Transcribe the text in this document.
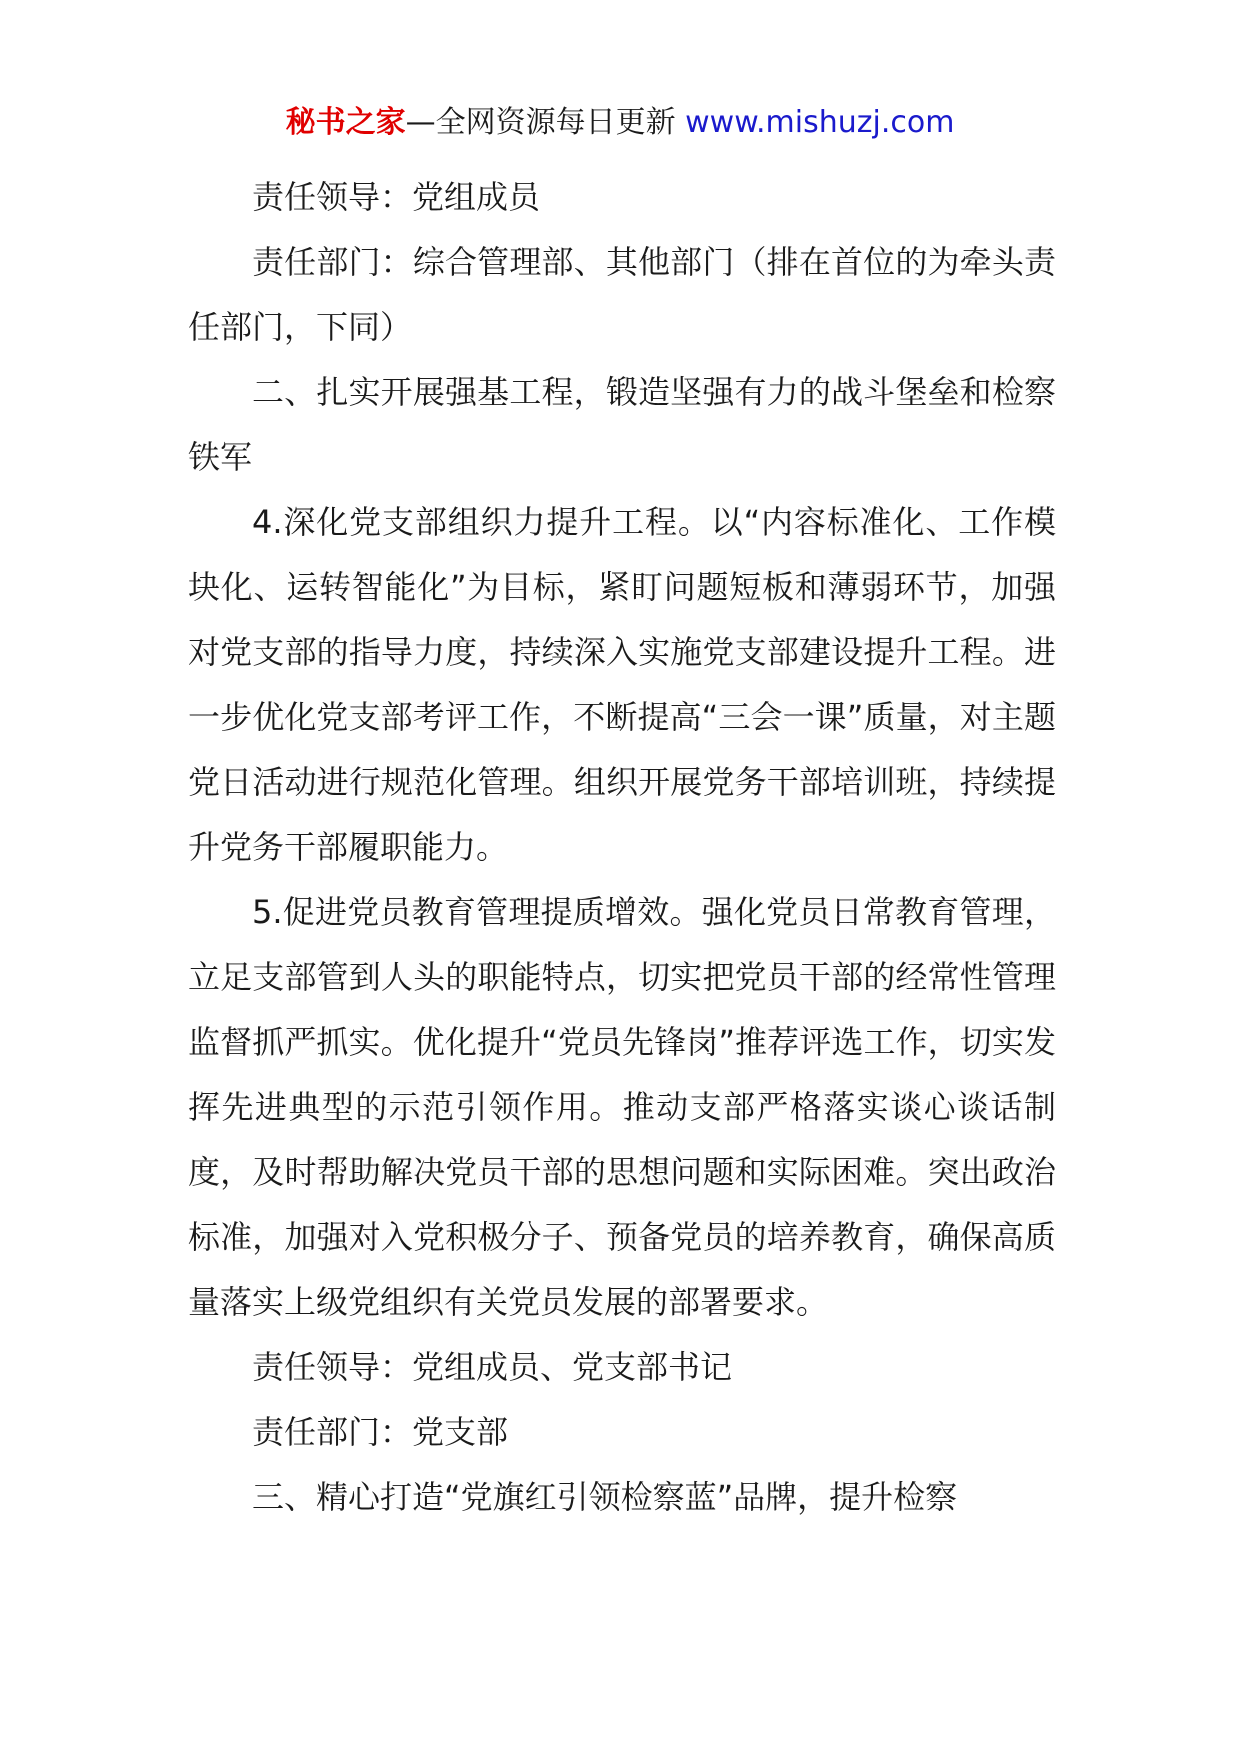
秘书之家—全网资源每日更新 www.mishuzj.com

责任领导：党组成员

责任部门：综合管理部、其他部门（排在首位的为牵头责任部门，下同）

二、扎实开展强基工程，锻造坚强有力的战斗堡垒和检察铁军

4.深化党支部组织力提升工程。以“内容标准化、工作模块化、运转智能化”为目标，紧盯问题短板和薄弱环节，加强对党支部的指导力度，持续深入实施党支部建设提升工程。进一步优化党支部考评工作，不断提高“三会一课”质量，对主题党日活动进行规范化管理。组织开展党务干部培训班，持续提升党务干部履职能力。

5.促进党员教育管理提质增效。强化党员日常教育管理，立足支部管到人头的职能特点，切实把党员干部的经常性管理监督抓严抓实。优化提升“党员先锋岗”推荐评选工作，切实发挥先进典型的示范引领作用。推动支部严格落实谈心谈话制度，及时帮助解决党员干部的思想问题和实际困难。突出政治标准，加强对入党积极分子、预备党员的培养教育，确保高质量落实上级党组织有关党员发展的部署要求。

责任领导：党组成员、党支部书记

责任部门：党支部

三、精心打造“党旗红引领检察蓝”品牌，提升检察
